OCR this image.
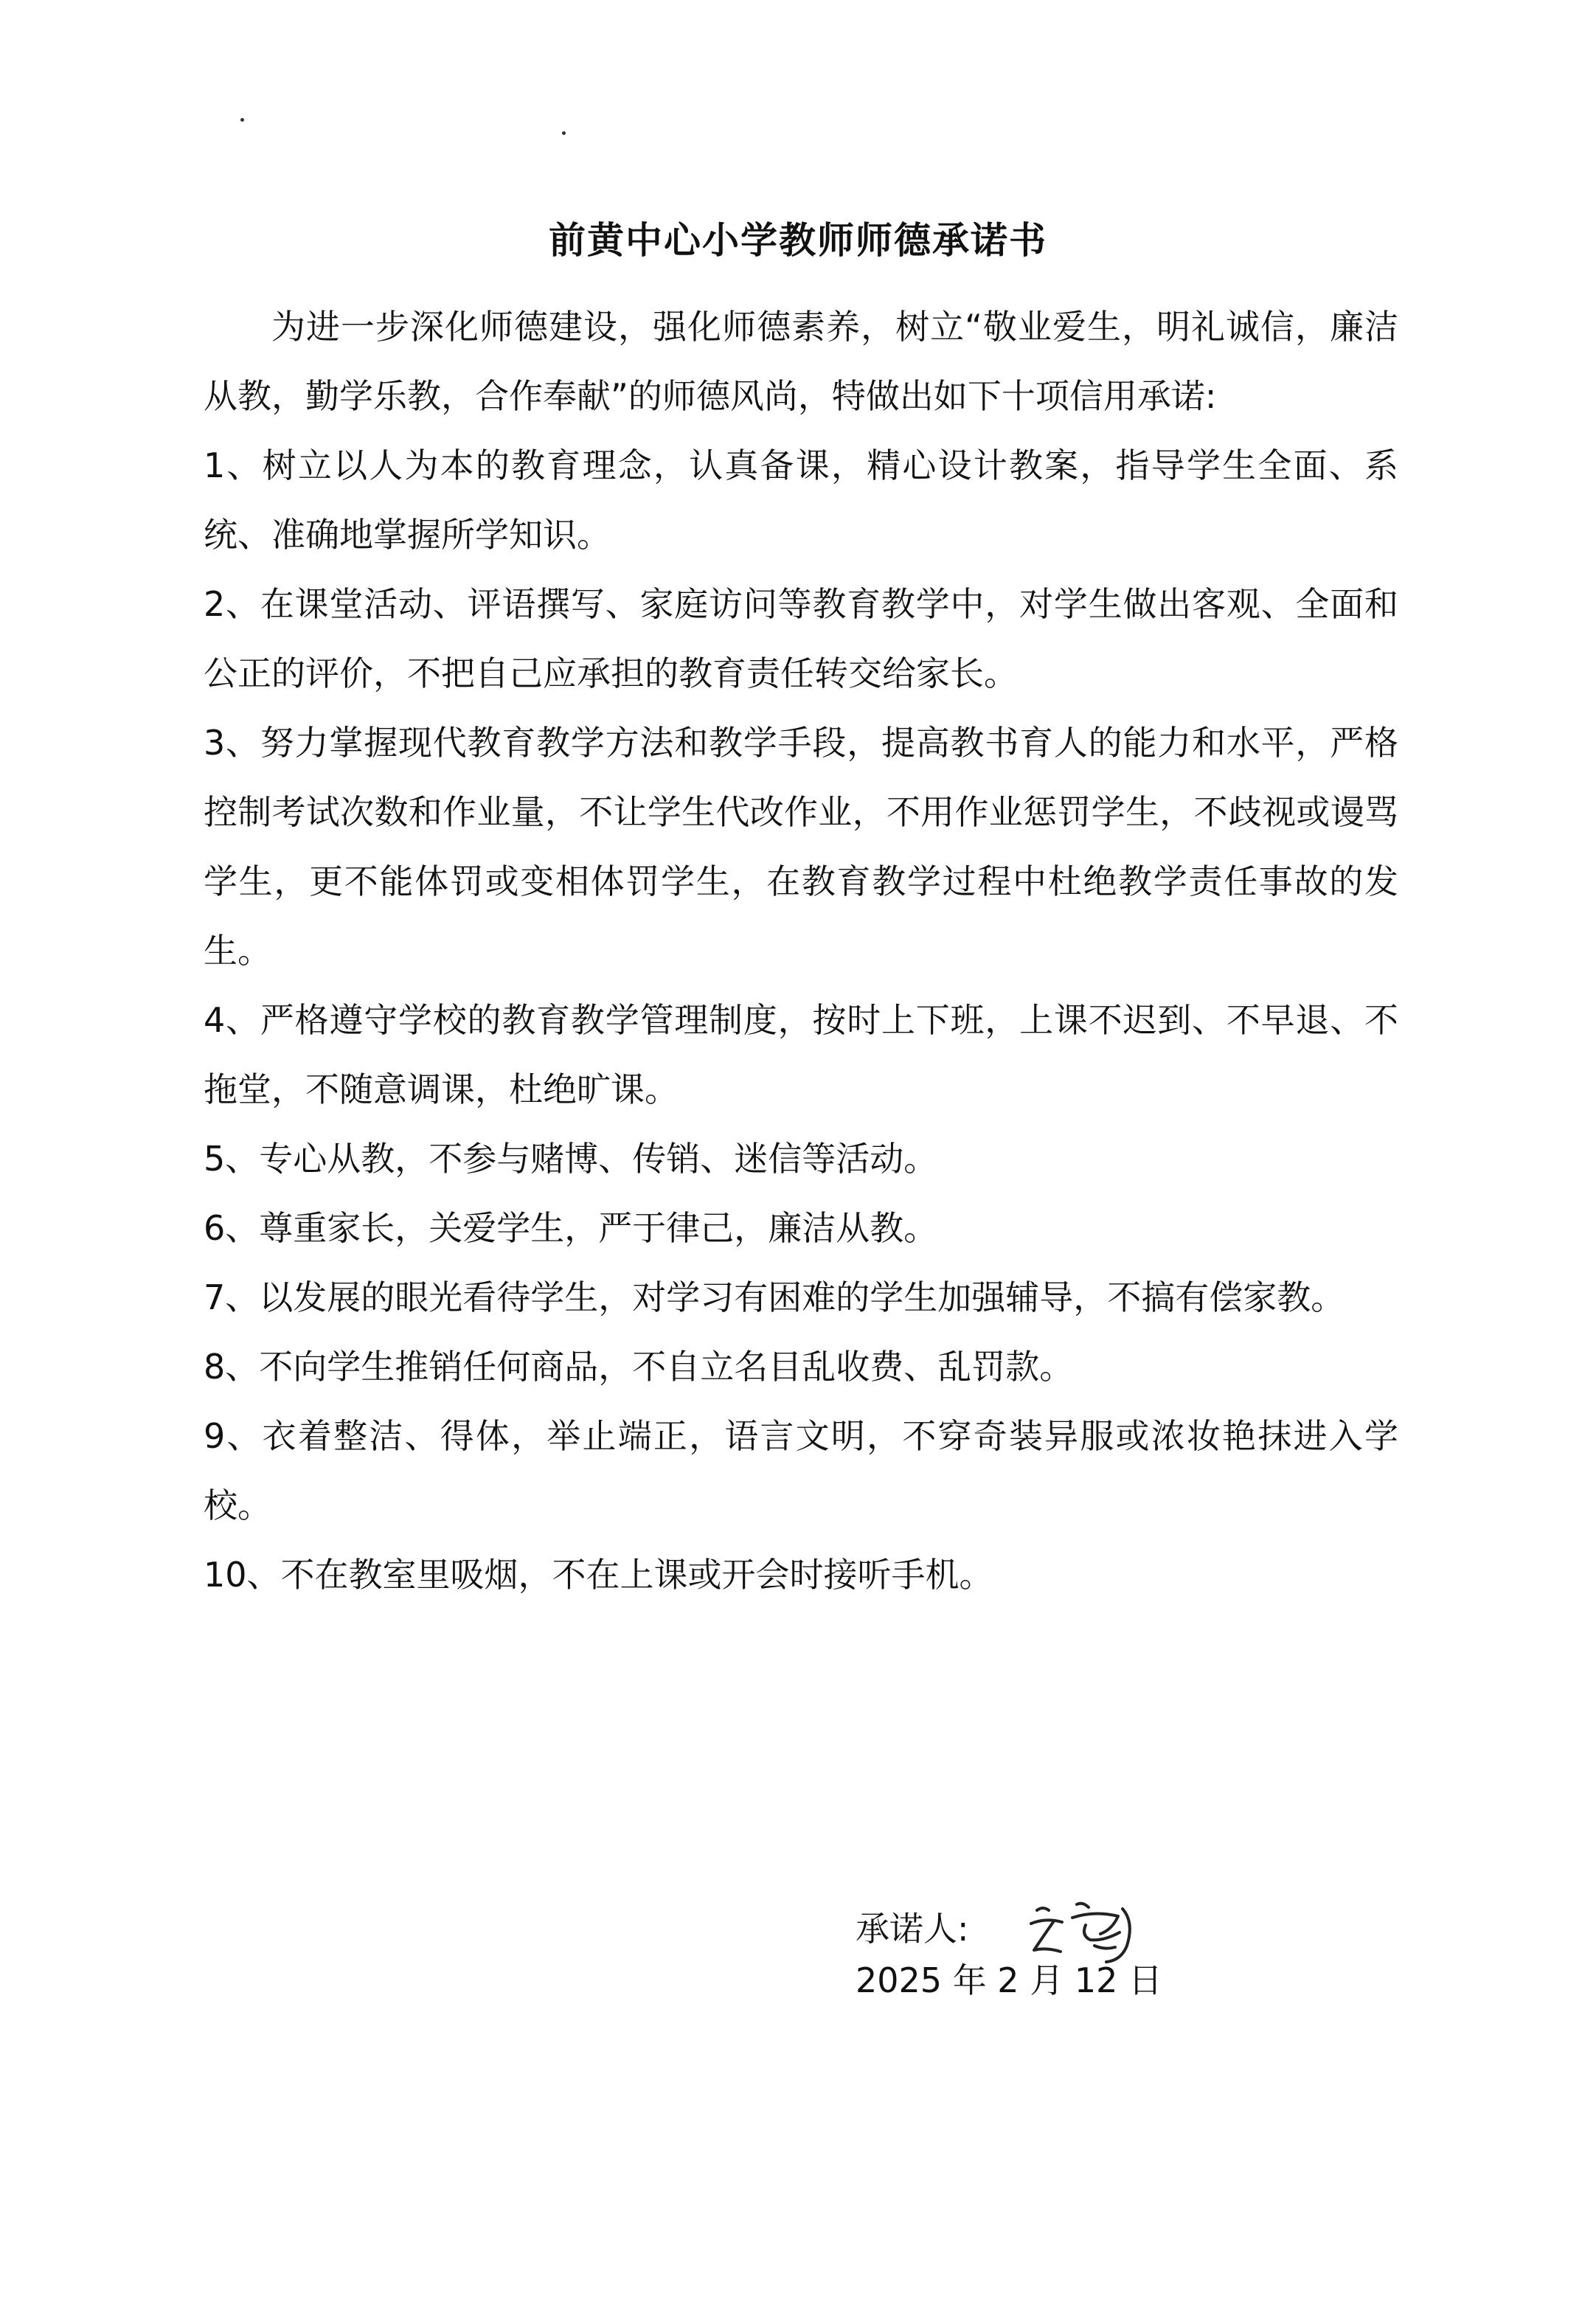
前黄中心小学教师师德承诺书

为进一步深化师德建设，强化师德素养，树立“敬业爱生，明礼诚信，廉洁从教，勤学乐教，合作奉献”的师德风尚，特做出如下十项信用承诺:

1、树立以人为本的教育理念，认真备课，精心设计教案，指导学生全面、系统、准确地掌握所学知识。

2、在课堂活动、评语撰写、家庭访问等教育教学中，对学生做出客观、全面和公正的评价，不把自己应承担的教育责任转交给家长。

3、努力掌握现代教育教学方法和教学手段，提高教书育人的能力和水平，严格控制考试次数和作业量，不让学生代改作业，不用作业惩罚学生，不歧视或谩骂学生，更不能体罚或变相体罚学生，在教育教学过程中杜绝教学责任事故的发生。

4、严格遵守学校的教育教学管理制度，按时上下班，上课不迟到、不早退、不拖堂，不随意调课，杜绝旷课。

5、专心从教，不参与赌博、传销、迷信等活动。

6、尊重家长，关爱学生，严于律己，廉洁从教。

7、以发展的眼光看待学生，对学习有困难的学生加强辅导，不搞有偿家教。

8、不向学生推销任何商品，不自立名目乱收费、乱罚款。

9、衣着整洁、得体，举止端正，语言文明，不穿奇装异服或浓妆艳抹进入学校。

10、不在教室里吸烟，不在上课或开会时接听手机。

承诺人:
2025 年 2 月 12 日
